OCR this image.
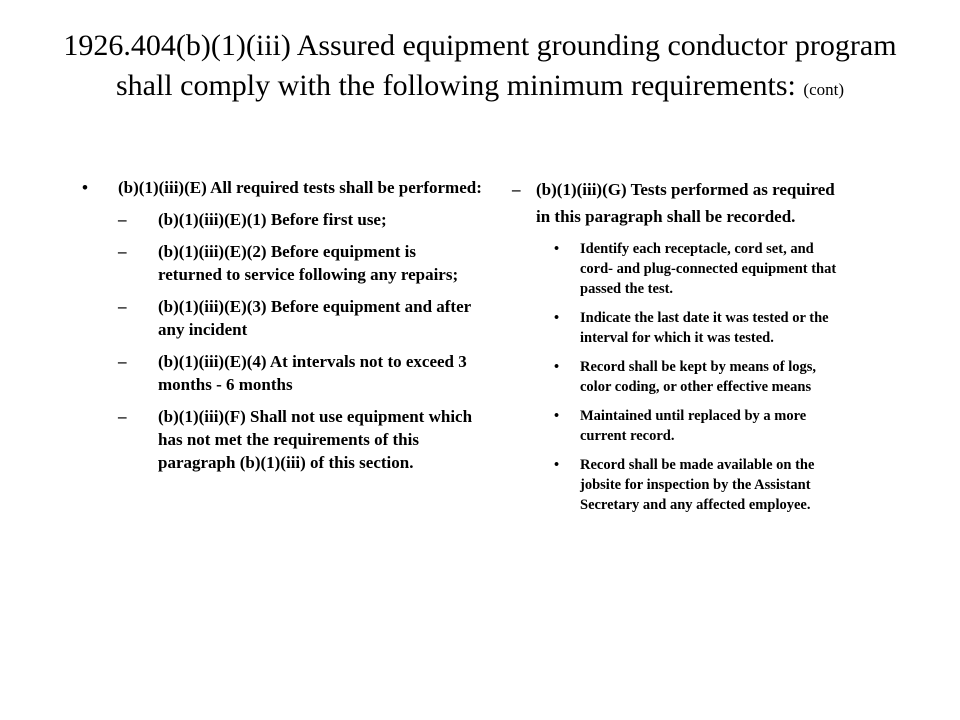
1926.404(b)(1)(iii) Assured equipment grounding conductor program shall comply with the following minimum requirements: (cont)
•	(b)(1)(iii)(E) All required tests shall be performed:
– (b)(1)(iii)(E)(1) Before first use;
– (b)(1)(iii)(E)(2) Before equipment is returned to service following any repairs;
– (b)(1)(iii)(E)(3) Before equipment and after any incident
– (b)(1)(iii)(E)(4) At intervals not to exceed 3 months - 6 months
– (b)(1)(iii)(F) Shall not use equipment which has not met the requirements of this paragraph (b)(1)(iii) of this section.
– (b)(1)(iii)(G) Tests performed as required in this paragraph shall be recorded.
• Identify each receptacle, cord set, and cord- and plug-connected equipment that passed the test.
• Indicate the last date it was tested or the interval for which it was tested.
• Record shall be kept by means of logs, color coding, or other effective means
• Maintained until replaced by a more current record.
• Record shall be made available on the jobsite for inspection by the Assistant Secretary and any affected employee.
